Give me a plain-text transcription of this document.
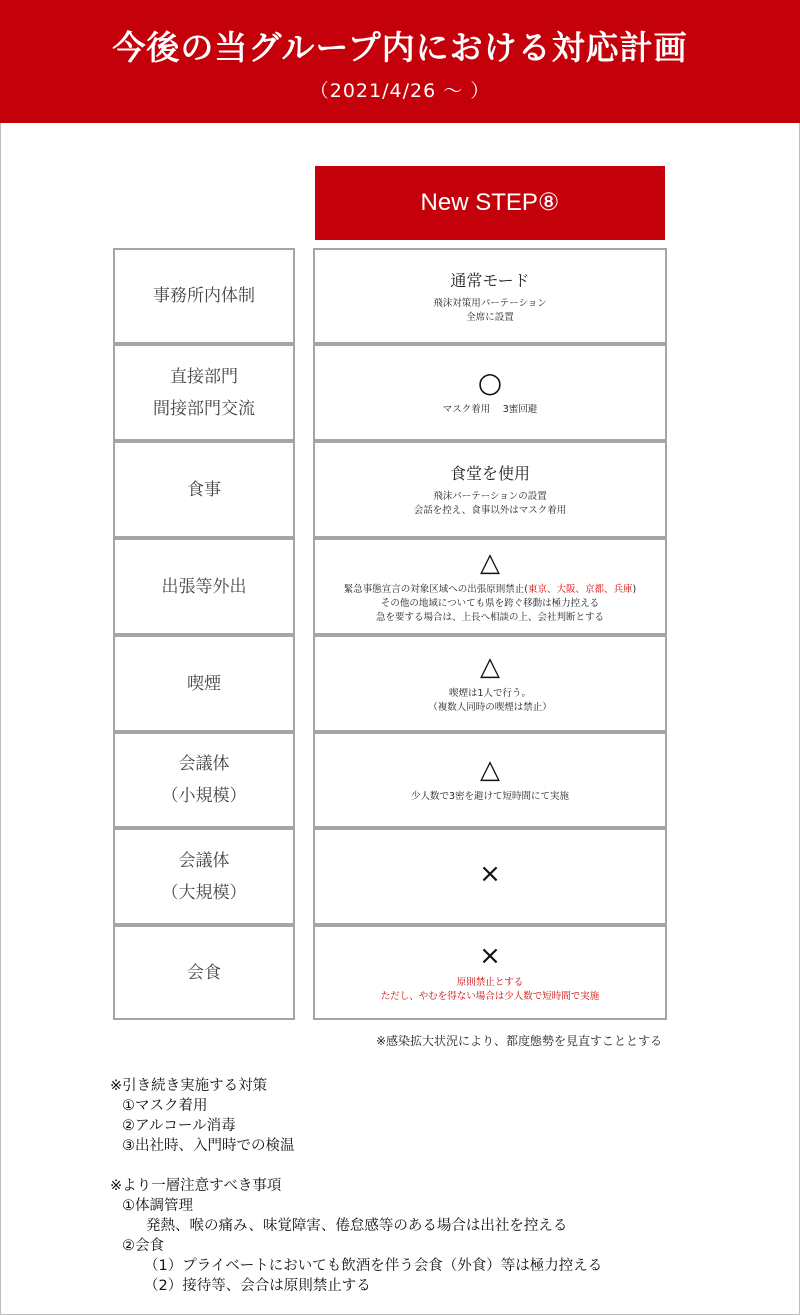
今後の当グループ内における対応計画
（2021/4/26 ～ ）
New STEP⑧
事務所内体制
通常モード
飛沫対策用パーテーション
全席に設置
直接部門
間接部門交流
○
マスク着用　 3蜜回避
食事
食堂を使用
飛沫パーテーションの設置
会話を控え、食事以外はマスク着用
出張等外出
△
緊急事態宣言の対象区域への出張原則禁止(東京、大阪、京都、兵庫)
その他の地域についても県を跨ぐ移動は極力控える
急を要する場合は、上長へ相談の上、会社判断とする
喫煙
△
喫煙は1人で行う。
（複数人同時の喫煙は禁止）
会議体
（小規模）
△
少人数で3密を避けて短時間にて実施
会議体
（大規模）
×
会食
×
原則禁止とする
ただし、やむを得ない場合は少人数で短時間で実施
※感染拡大状況により、都度態勢を見直すこととする
※引き続き実施する対策
①マスク着用
②アルコール消毒
③出社時、入門時での検温
※より一層注意すべき事項
①体調管理
発熱、喉の痛み、味覚障害、倦怠感等のある場合は出社を控える
②会食
（1）プライベートにおいても飲酒を伴う会食（外食）等は極力控える
（2）接待等、会合は原則禁止する
